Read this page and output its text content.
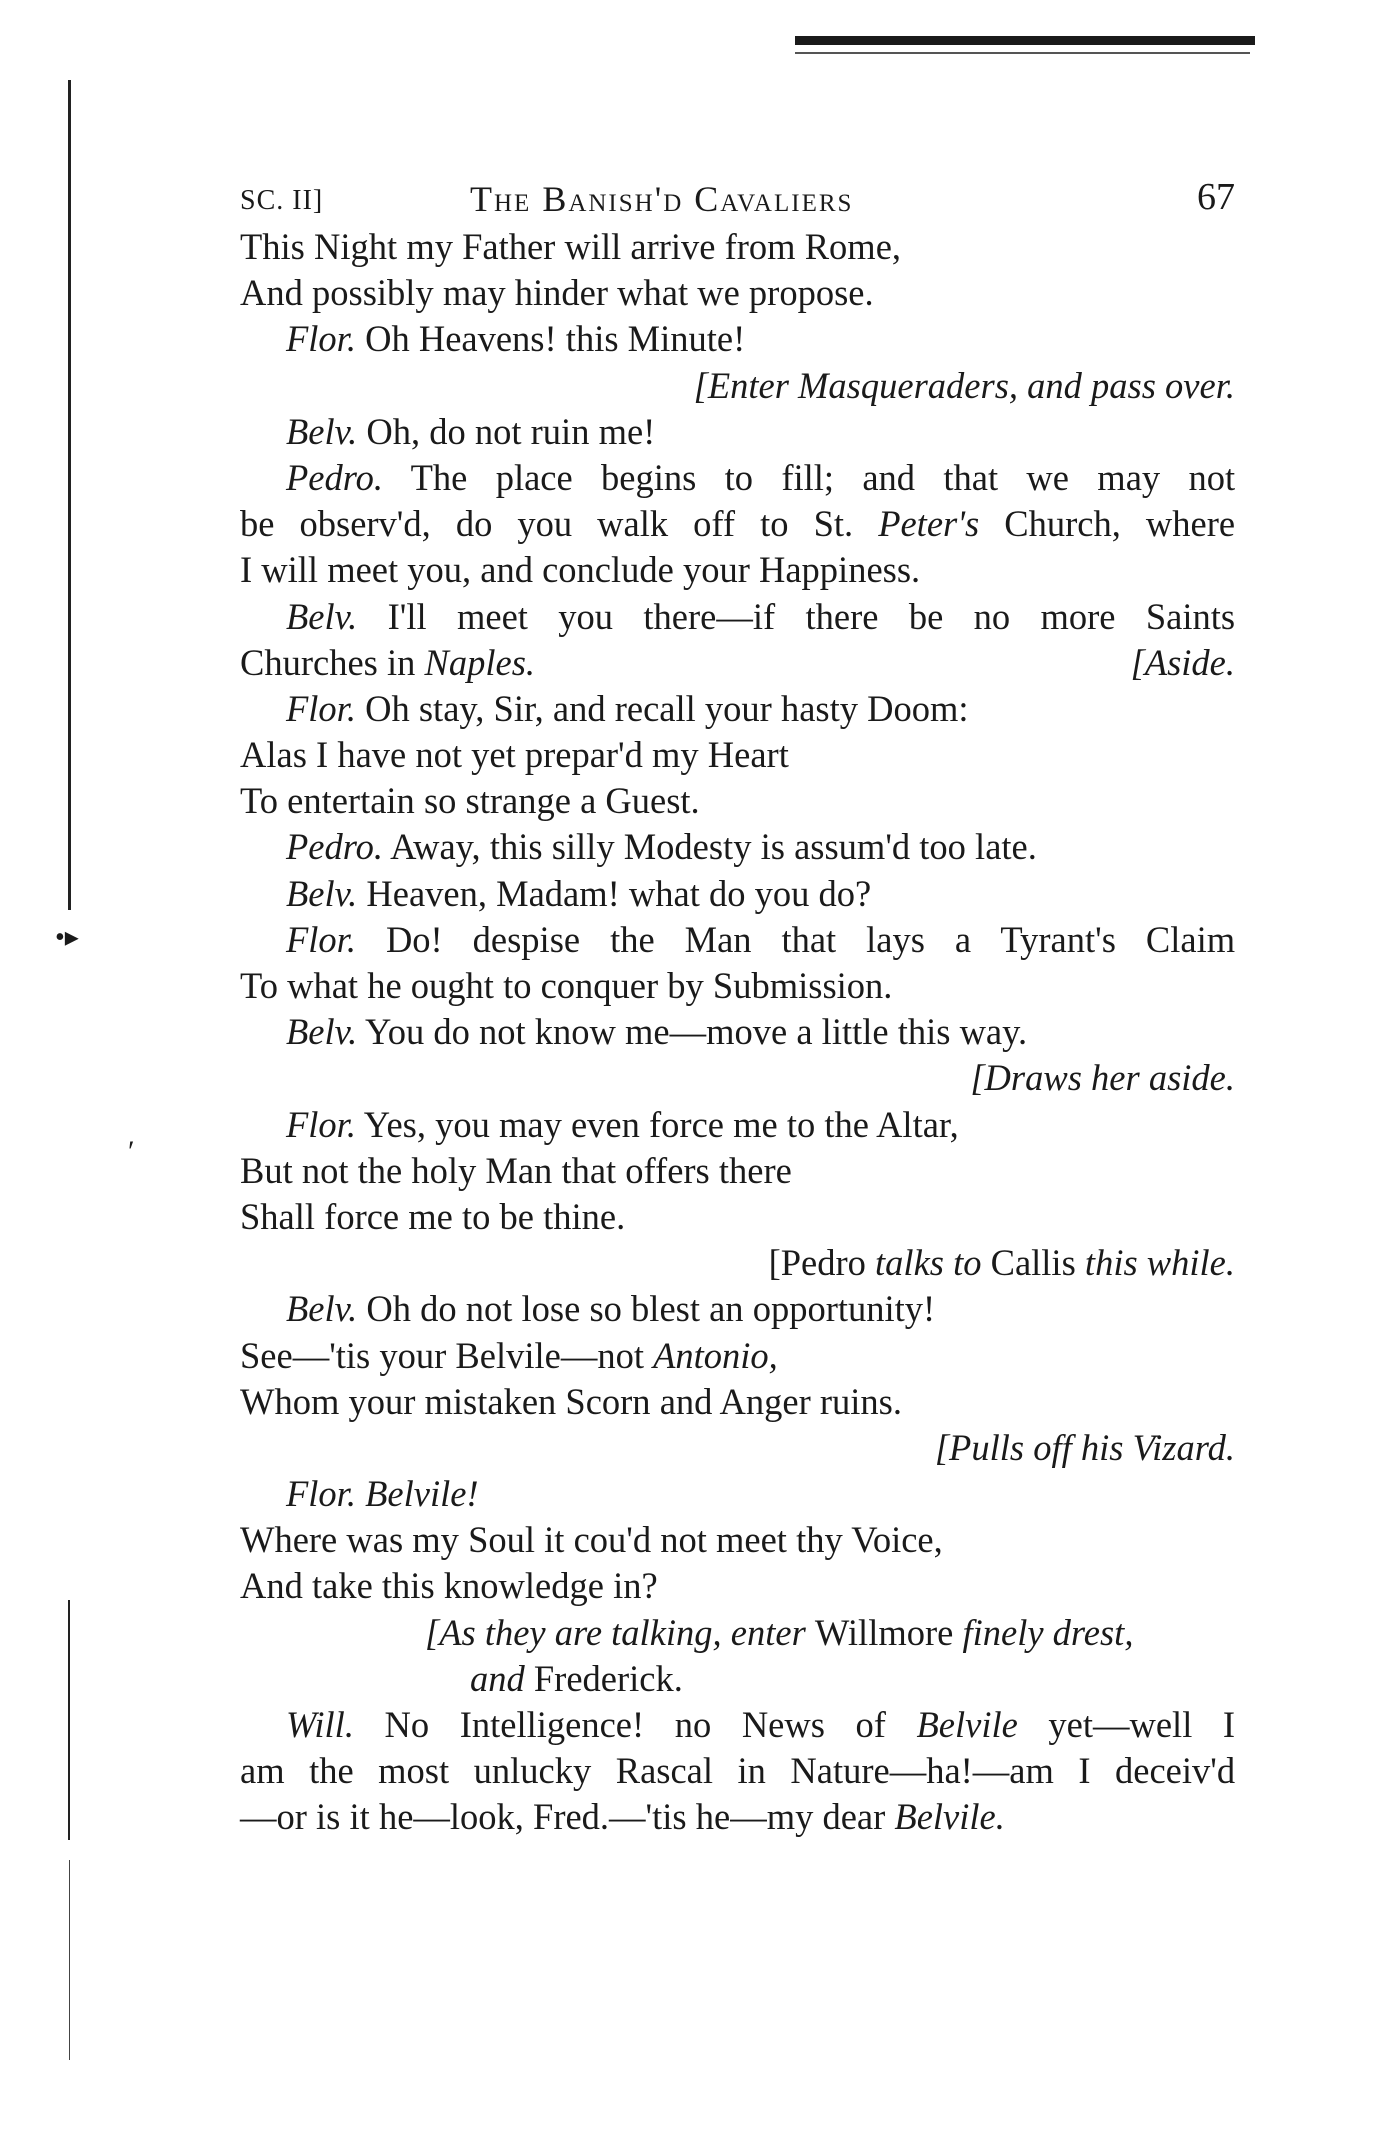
•▸
′
SC. II]	The Banish'd Cavaliers	67
This Night my Father will arrive from Rome,
And possibly may hinder what we propose.
Flor. Oh Heavens! this Minute!
[Enter Masqueraders, and pass over.
Belv. Oh, do not ruin me!
Pedro. The place begins to fill; and that we may not
be observ'd, do you walk off to St. Peter's Church, where
I will meet you, and conclude your Happiness.
Belv. I'll meet you there—if there be no more Saints
Churches in Naples.	[Aside.
Flor. Oh stay, Sir, and recall your hasty Doom:
Alas I have not yet prepar'd my Heart
To entertain so strange a Guest.
Pedro. Away, this silly Modesty is assum'd too late.
Belv. Heaven, Madam! what do you do?
Flor. Do! despise the Man that lays a Tyrant's Claim
To what he ought to conquer by Submission.
Belv. You do not know me—move a little this way.
[Draws her aside.
Flor. Yes, you may even force me to the Altar,
But not the holy Man that offers there
Shall force me to be thine.
[Pedro talks to Callis this while.
Belv. Oh do not lose so blest an opportunity!
See—'tis your Belvile—not Antonio,
Whom your mistaken Scorn and Anger ruins.
[Pulls off his Vizard.
Flor. Belvile!
Where was my Soul it cou'd not meet thy Voice,
And take this knowledge in?
[As they are talking, enter Willmore finely drest,
and Frederick.
Will. No Intelligence! no News of Belvile yet—well I
am the most unlucky Rascal in Nature—ha!—am I deceiv'd
—or is it he—look, Fred.—'tis he—my dear Belvile.
